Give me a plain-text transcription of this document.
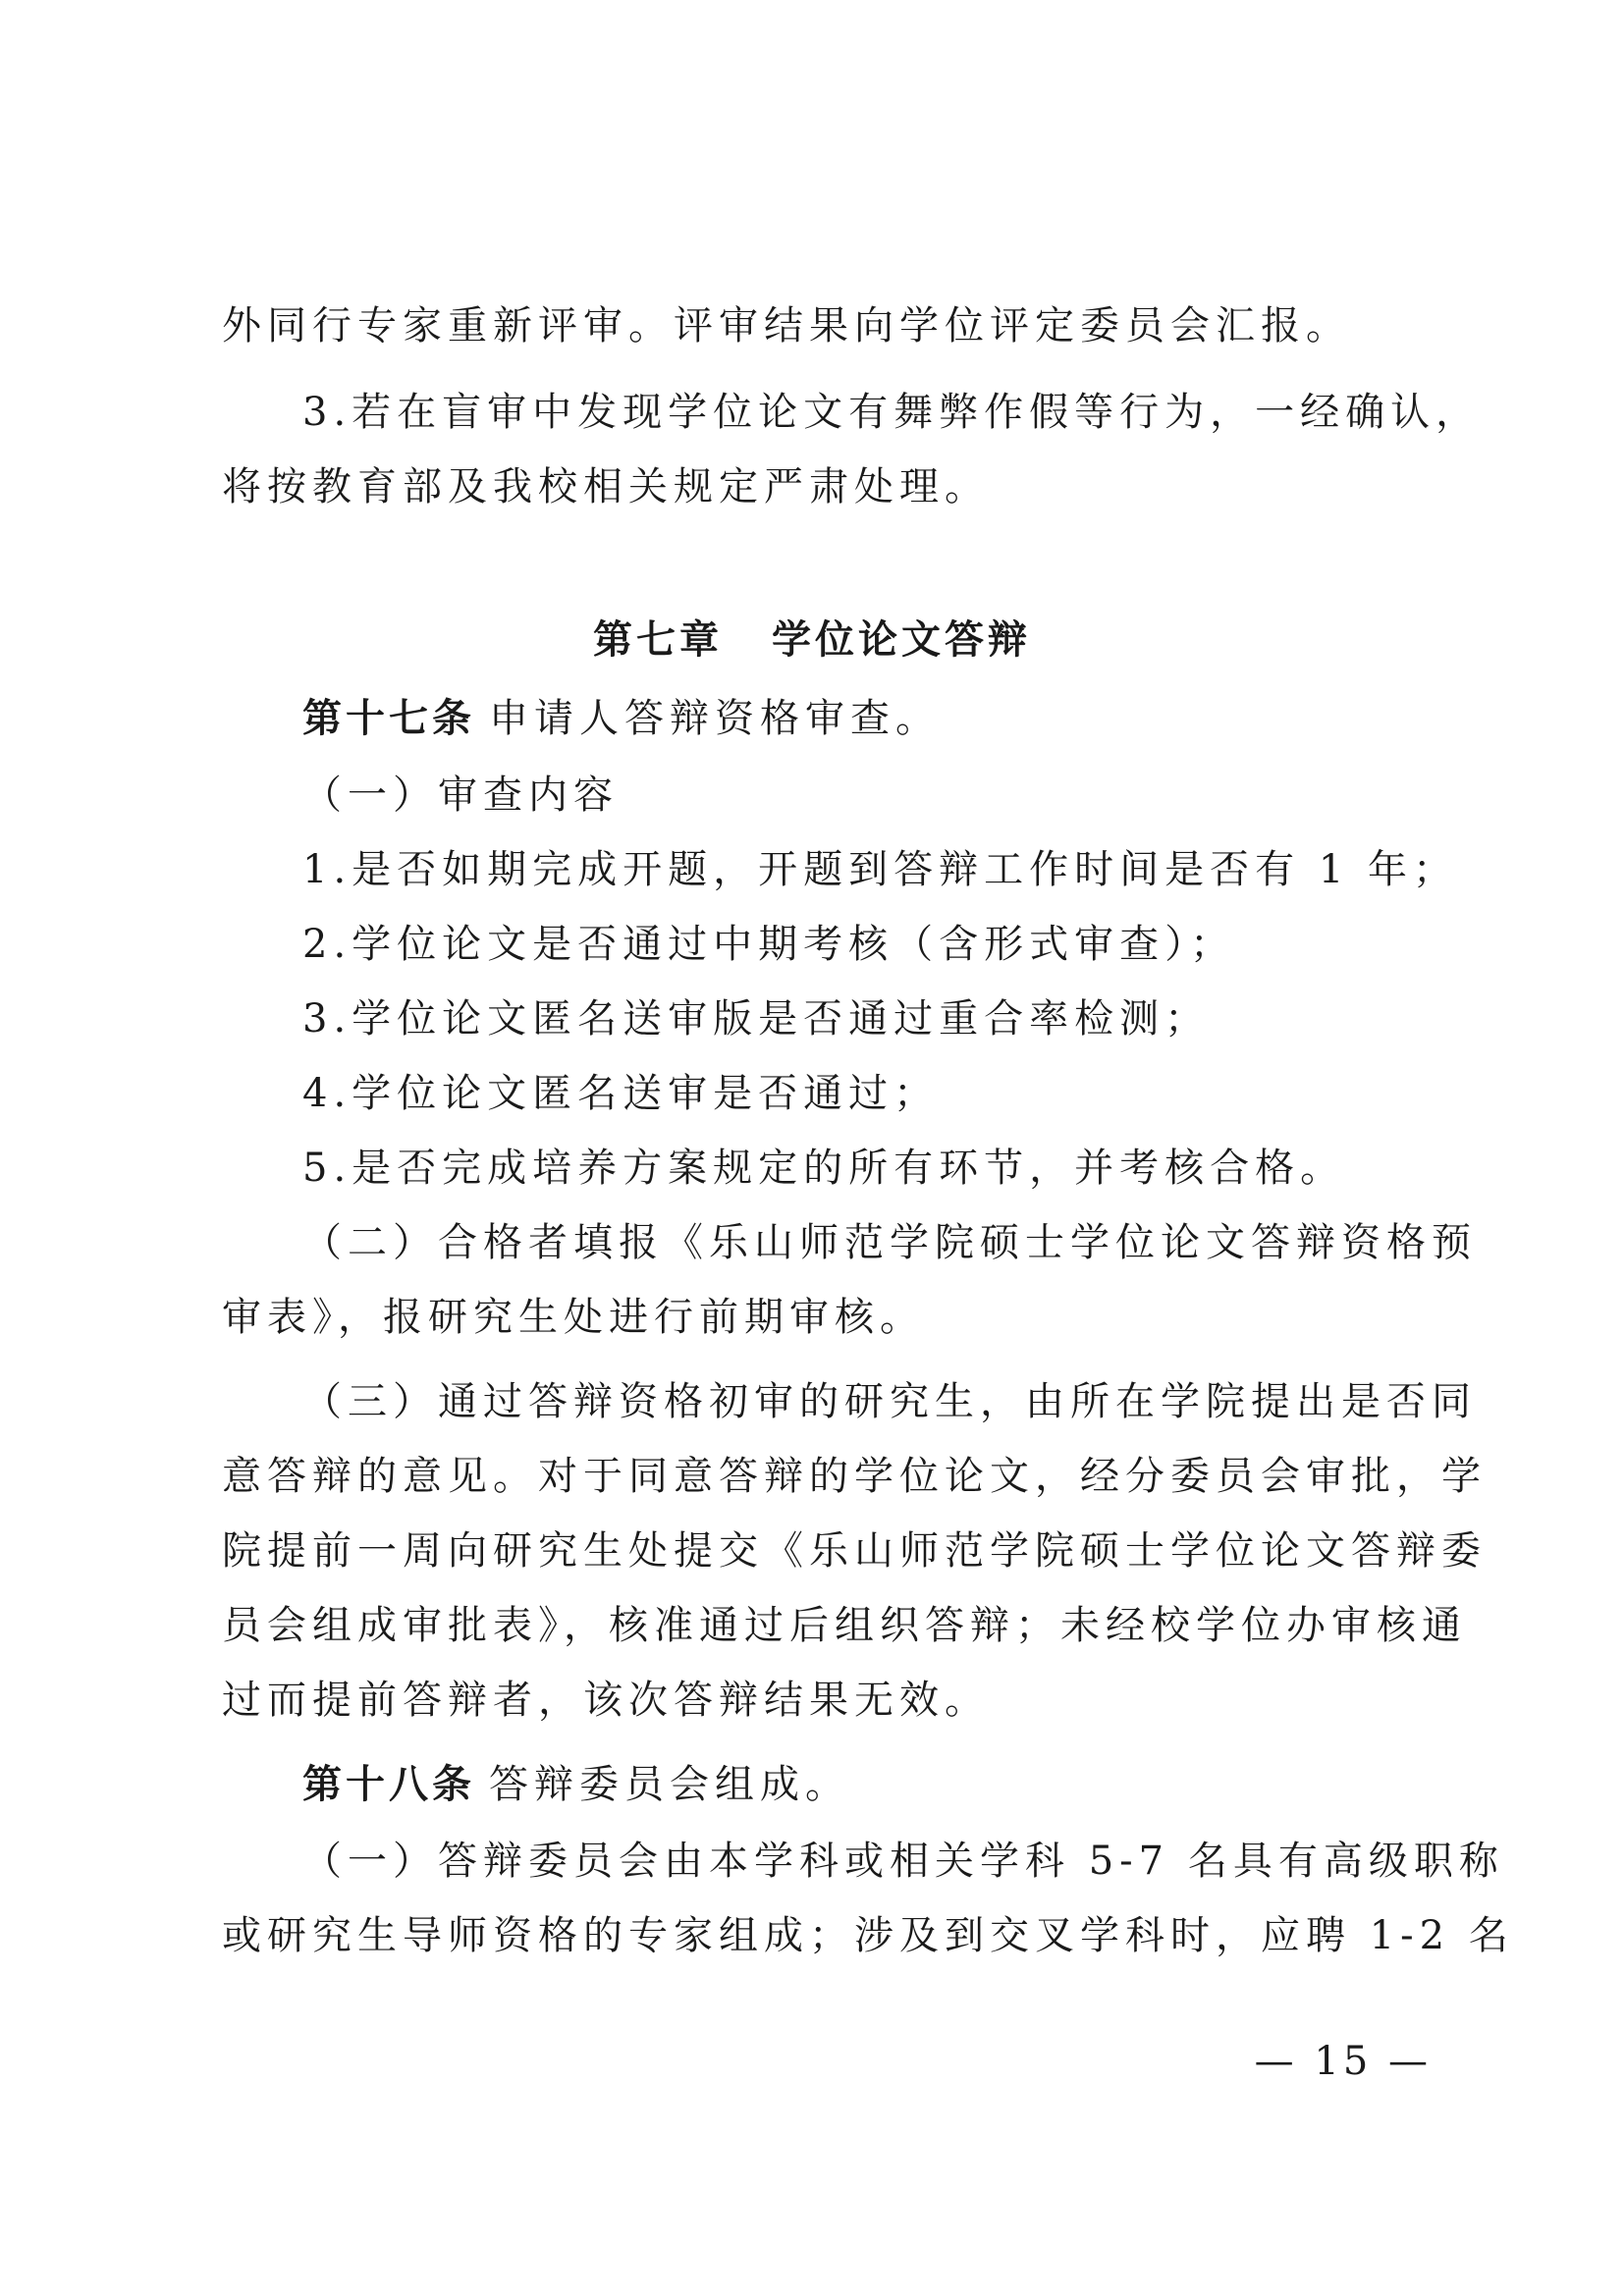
外同行专家重新评审。评审结果向学位评定委员会汇报。
3.若在盲审中发现学位论文有舞弊作假等行为，一经确认，
将按教育部及我校相关规定严肃处理。
第七章 学位论文答辩
第十七条 申请人答辩资格审查。
（一）审查内容
1.是否如期完成开题，开题到答辩工作时间是否有 1 年；
2.学位论文是否通过中期考核（含形式审查）；
3.学位论文匿名送审版是否通过重合率检测；
4.学位论文匿名送审是否通过；
5.是否完成培养方案规定的所有环节，并考核合格。
（二）合格者填报《乐山师范学院硕士学位论文答辩资格预
审表》，报研究生处进行前期审核。
（三）通过答辩资格初审的研究生，由所在学院提出是否同
意答辩的意见。对于同意答辩的学位论文，经分委员会审批，学
院提前一周向研究生处提交《乐山师范学院硕士学位论文答辩委
员会组成审批表》，核准通过后组织答辩；未经校学位办审核通
过而提前答辩者，该次答辩结果无效。
第十八条 答辩委员会组成。
（一）答辩委员会由本学科或相关学科 5-7 名具有高级职称
或研究生导师资格的专家组成；涉及到交叉学科时，应聘 1-2 名
— 15 —
